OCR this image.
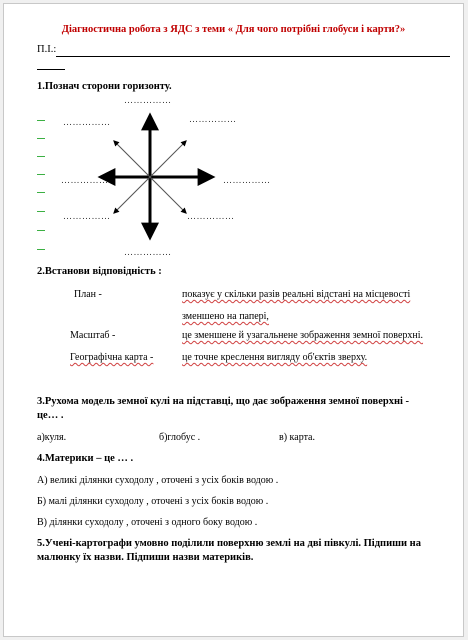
Діагностична робота з ЯДС з теми « Для чого потрібні глобуси і карти?»
П.І.:
1.Познач сторони горизонту.
……………
……………	……………
……………	……………
……………	……………
……………
2.Встанови відповідність :
План -	показує у скільки разів реальні відстані на місцевості
зменшено на папері,
Масштаб -	це зменшене й узагальнене зображення земної поверхні.
Географічна карта -	це точне креслення вигляду об'єктів зверху.
3.Рухома модель земної кулі на підставці, що дає зображення земної поверхні -
це… .
а)куля.	б)глобус .	в) карта.
4.Материки – це … .
А) великі ділянки суходолу , оточені з усіх боків водою .
Б) малі ділянки суходолу , оточені з усіх боків водою .
В) ділянки суходолу , оточені з одного боку водою .
5.Учені-картографи умовно поділили поверхню землі на дві півкулі. Підпиши на
малюнку їх назви. Підпиши назви материків.
